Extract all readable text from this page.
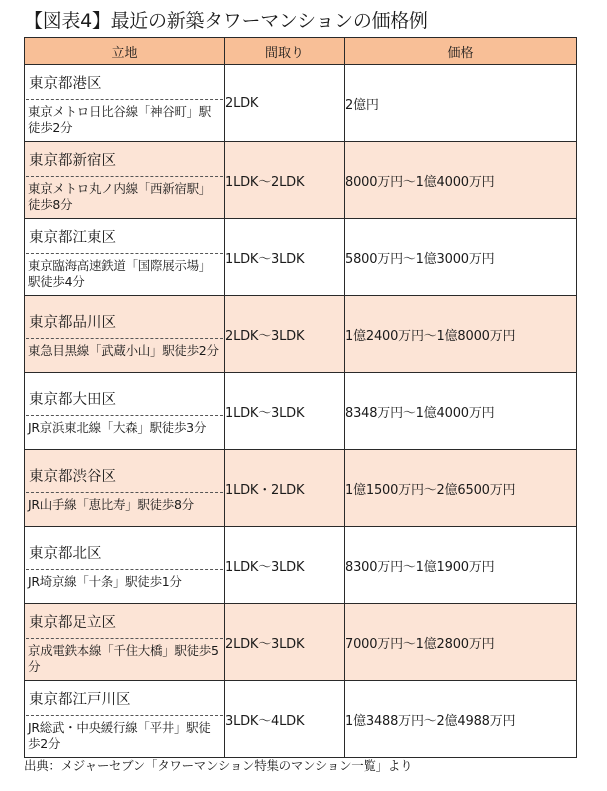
【図表4】最近の新築タワーマンションの価格例
立地	間取り	価格

東京都港区
東京メトロ日比谷線「神谷町」駅徒歩2分	2LDK	2億円

東京都新宿区
東京メトロ丸ノ内線「西新宿駅」徒歩8分	1LDK～2LDK	8000万円～1億4000万円

東京都江東区
東京臨海高速鉄道「国際展示場」駅徒歩4分	1LDK～3LDK	5800万円～1億3000万円

東京都品川区
東急目黒線「武蔵小山」駅徒歩2分	2LDK～3LDK	1億2400万円～1億8000万円

東京都大田区
JR京浜東北線「大森」駅徒歩3分	1LDK～3LDK	8348万円～1億4000万円

東京都渋谷区
JR山手線「恵比寿」駅徒歩8分	1LDK・2LDK	1億1500万円～2億6500万円

東京都北区
JR埼京線「十条」駅徒歩1分	1LDK～3LDK	8300万円～1億1900万円

東京都足立区
京成電鉄本線「千住大橋」駅徒歩5分	2LDK～3LDK	7000万円～1億2800万円

東京都江戸川区
JR総武・中央緩行線「平井」駅徒歩2分	3LDK～4LDK	1億3488万円～2億4988万円
出典：メジャーセブン「タワーマンション特集のマンション一覧」より
